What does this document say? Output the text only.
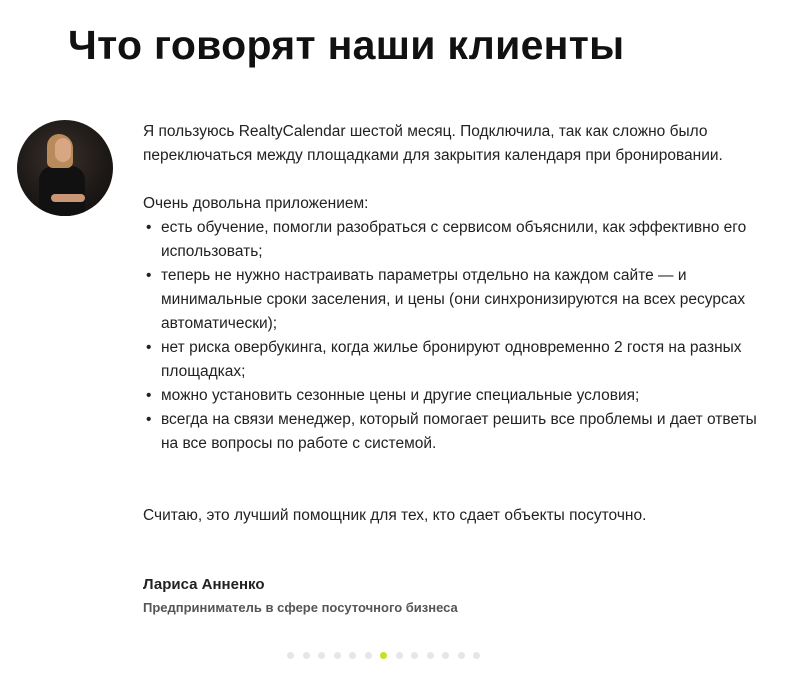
Что говорят наши клиенты

Я пользуюсь RealtyCalendar шестой месяц. Подключила, так как сложно было переключаться между площадками для закрытия календаря при бронировании.

Очень довольна приложением:

• есть обучение, помогли разобраться с сервисом объяснили, как эффективно его использовать;
• теперь не нужно настраивать параметры отдельно на каждом сайте — и минимальные сроки заселения, и цены (они синхронизируются на всех ресурсах автоматически);
• нет риска овербукинга, когда жилье бронируют одновременно 2 гостя на разных площадках;
• можно установить сезонные цены и другие специальные условия;
• всегда на связи менеджер, который помогает решить все проблемы и дает ответы на все вопросы по работе с системой.

Считаю, это лучший помощник для тех, кто сдает объекты посуточно.

Лариса Анненко
Предприниматель в сфере посуточного бизнеса
